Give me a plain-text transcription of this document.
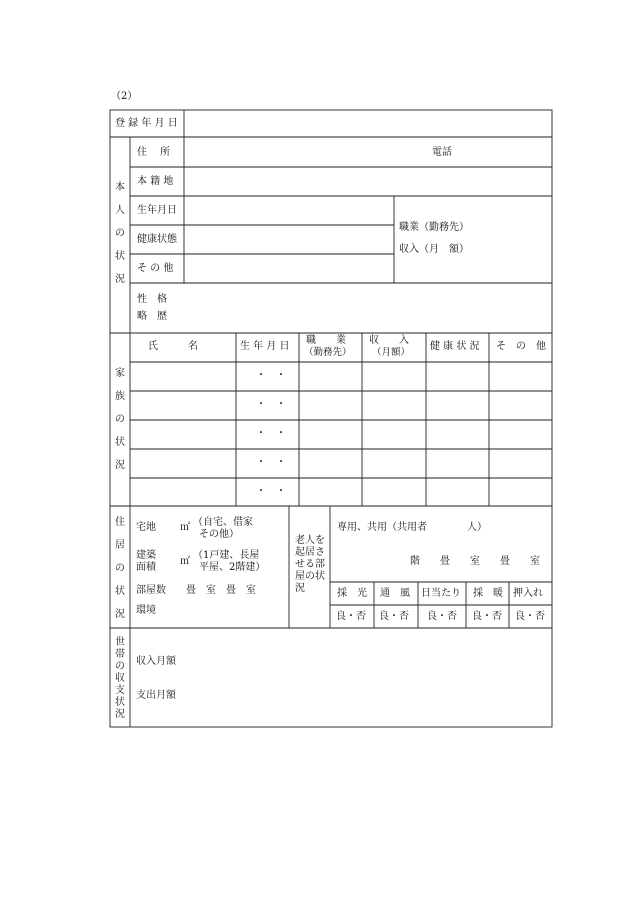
（2）
登 録 年 月 日
本
人
の
状
況
住　 所	電話
本 籍 地
生年月日
健康状態
そ の 他
職業（勤務先）
収入（月　額）
性　格
略　歴
家
族
の
状
況
氏　　　名	生 年 月 日
職　　業
（勤務先）
収　　入
（月額）
健 康 状 況 そ　の　他
・　・
・　・
・　・
・　・
・　・
住
居
の
状
況
宅地 ㎡ （自宅、借家
その他）
建築
面積
㎡
（1戸建、長屋
平屋、2階建）
部屋数　　畳　室　畳　室
環境
老人を
起居さ
せる部
屋の状
況
専用、共用（共用者　　　　人）
階　　畳　　室　　畳　　室
採　光 通　風 日当たり 採　暖 押入れ
良・否 良・否 良・否 良・否 良・否
世
帯
の
収
支
状
況
収入月額
支出月額
